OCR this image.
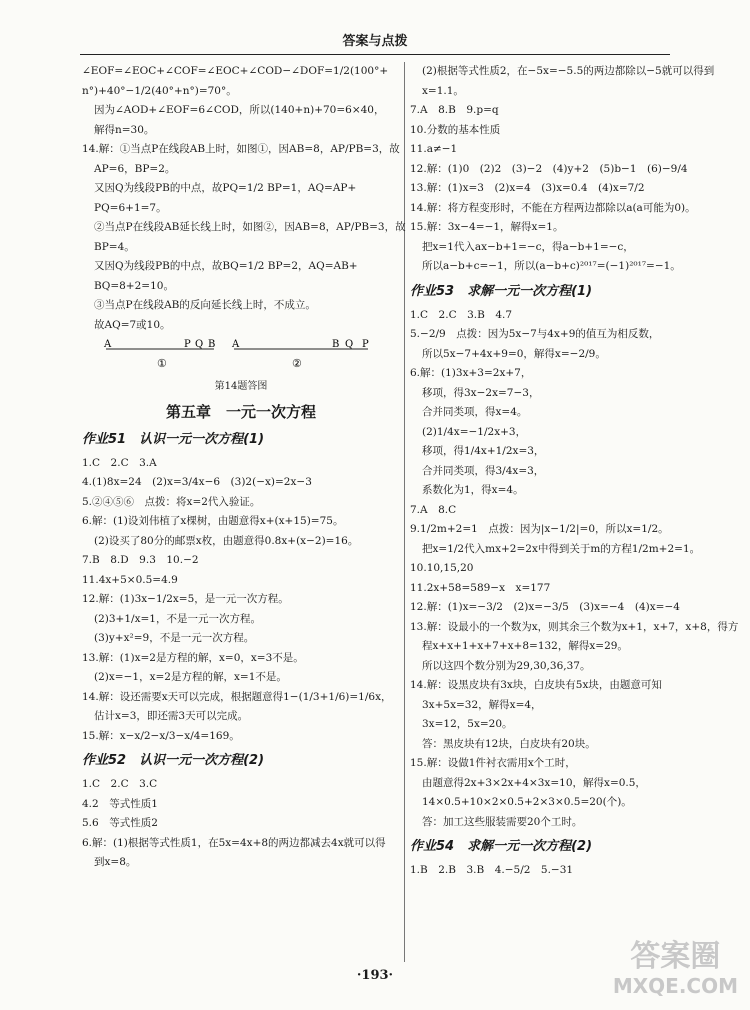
答案与点拨
∠EOF=∠EOC+∠COF=∠EOC+∠COD−∠DOF=1/2(100°+
n°)+40°−1/2(40°+n°)=70°。
因为∠AOD+∠EOF=6∠COD，所以(140+n)+70=6×40，
解得n=30。
14.解：①当点P在线段AB上时，如图①，因AB=8，AP/PB=3，故
AP=6，BP=2。
又因Q为线段PB的中点，故PQ=1/2 BP=1，AQ=AP+
PQ=6+1=7。
②当点P在线段AB延长线上时，如图②，因AB=8，AP/PB=3，故
BP=4。
又因Q为线段PB的中点，故BQ=1/2 BP=2，AQ=AB+
BQ=8+2=10。
③当点P在线段AB的反向延长线上时，不成立。
故AQ=7或10。
A	P Q B
①
A	B Q P
②
第14题答图
第五章　一元一次方程
作业51　认识一元一次方程(1)
1.C　2.C　3.A
4.(1)8x=24　(2)x=3/4x−6　(3)2(−x)=2x−3
5.②④⑤⑥　点拨：将x=2代入验证。
6.解：(1)设刘伟植了x棵树，由题意得x+(x+15)=75。
(2)设买了80分的邮票x枚，由题意得0.8x+(x−2)=16。
7.B　8.D　9.3　10.−2
11.4x+5×0.5=4.9
12.解：(1)3x−1/2x=5，是一元一次方程。
(2)3+1/x=1，不是一元一次方程。
(3)y+x²=9，不是一元一次方程。
13.解：(1)x=2是方程的解，x=0，x=3不是。
(2)x=−1，x=2是方程的解，x=1不是。
14.解：设还需要x天可以完成，根据题意得1−(1/3+1/6)=1/6x，
估计x=3，即还需3天可以完成。
15.解：x−x/2−x/3−x/4=169。
作业52　认识一元一次方程(2)
1.C　2.C　3.C
4.2　等式性质1
5.6　等式性质2
6.解：(1)根据等式性质1，在5x=4x+8的两边都减去4x就可以得
到x=8。
(2)根据等式性质2，在−5x=−5.5的两边都除以−5就可以得到
x=1.1。
7.A　8.B　9.p=q
10.分数的基本性质
11.a≠−1
12.解：(1)0　(2)2　(3)−2　(4)y+2　(5)b−1　(6)−9/4
13.解：(1)x=3　(2)x=4　(3)x=0.4　(4)x=7/2
14.解：将方程变形时，不能在方程两边都除以a(a可能为0)。
15.解：3x−4=−1，解得x=1。
把x=1代入ax−b+1=−c，得a−b+1=−c，
所以a−b+c=−1，所以(a−b+c)²⁰¹⁷=(−1)²⁰¹⁷=−1。
作业53　求解一元一次方程(1)
1.C　2.C　3.B　4.7
5.−2/9　点拨：因为5x−7与4x+9的值互为相反数，
所以5x−7+4x+9=0，解得x=−2/9。
6.解：(1)3x+3=2x+7，
移项，得3x−2x=7−3，
合并同类项，得x=4。
(2)1/4x=−1/2x+3，
移项，得1/4x+1/2x=3，
合并同类项，得3/4x=3，
系数化为1，得x=4。
7.A　8.C
9.1/2m+2=1　点拨：因为|x−1/2|=0，所以x=1/2。
把x=1/2代入mx+2=2x中得到关于m的方程1/2m+2=1。
10.10,15,20
11.2x+58=589−x　x=177
12.解：(1)x=−3/2　(2)x=−3/5　(3)x=−4　(4)x=−4
13.解：设最小的一个数为x，则其余三个数为x+1，x+7，x+8，得方
程x+x+1+x+7+x+8=132，解得x=29。
所以这四个数分别为29,30,36,37。
14.解：设黑皮块有3x块，白皮块有5x块，由题意可知
3x+5x=32，解得x=4，
3x=12，5x=20。
答：黑皮块有12块，白皮块有20块。
15.解：设做1件衬衣需用x个工时，
由题意得2x+3×2x+4×3x=10，解得x=0.5，
14×0.5+10×2×0.5+2×3×0.5=20(个)。
答：加工这些服装需要20个工时。
作业54　求解一元一次方程(2)
1.B　2.B　3.B　4.−5/2　5.−31
·193·
答案圈
MXQE.COM
